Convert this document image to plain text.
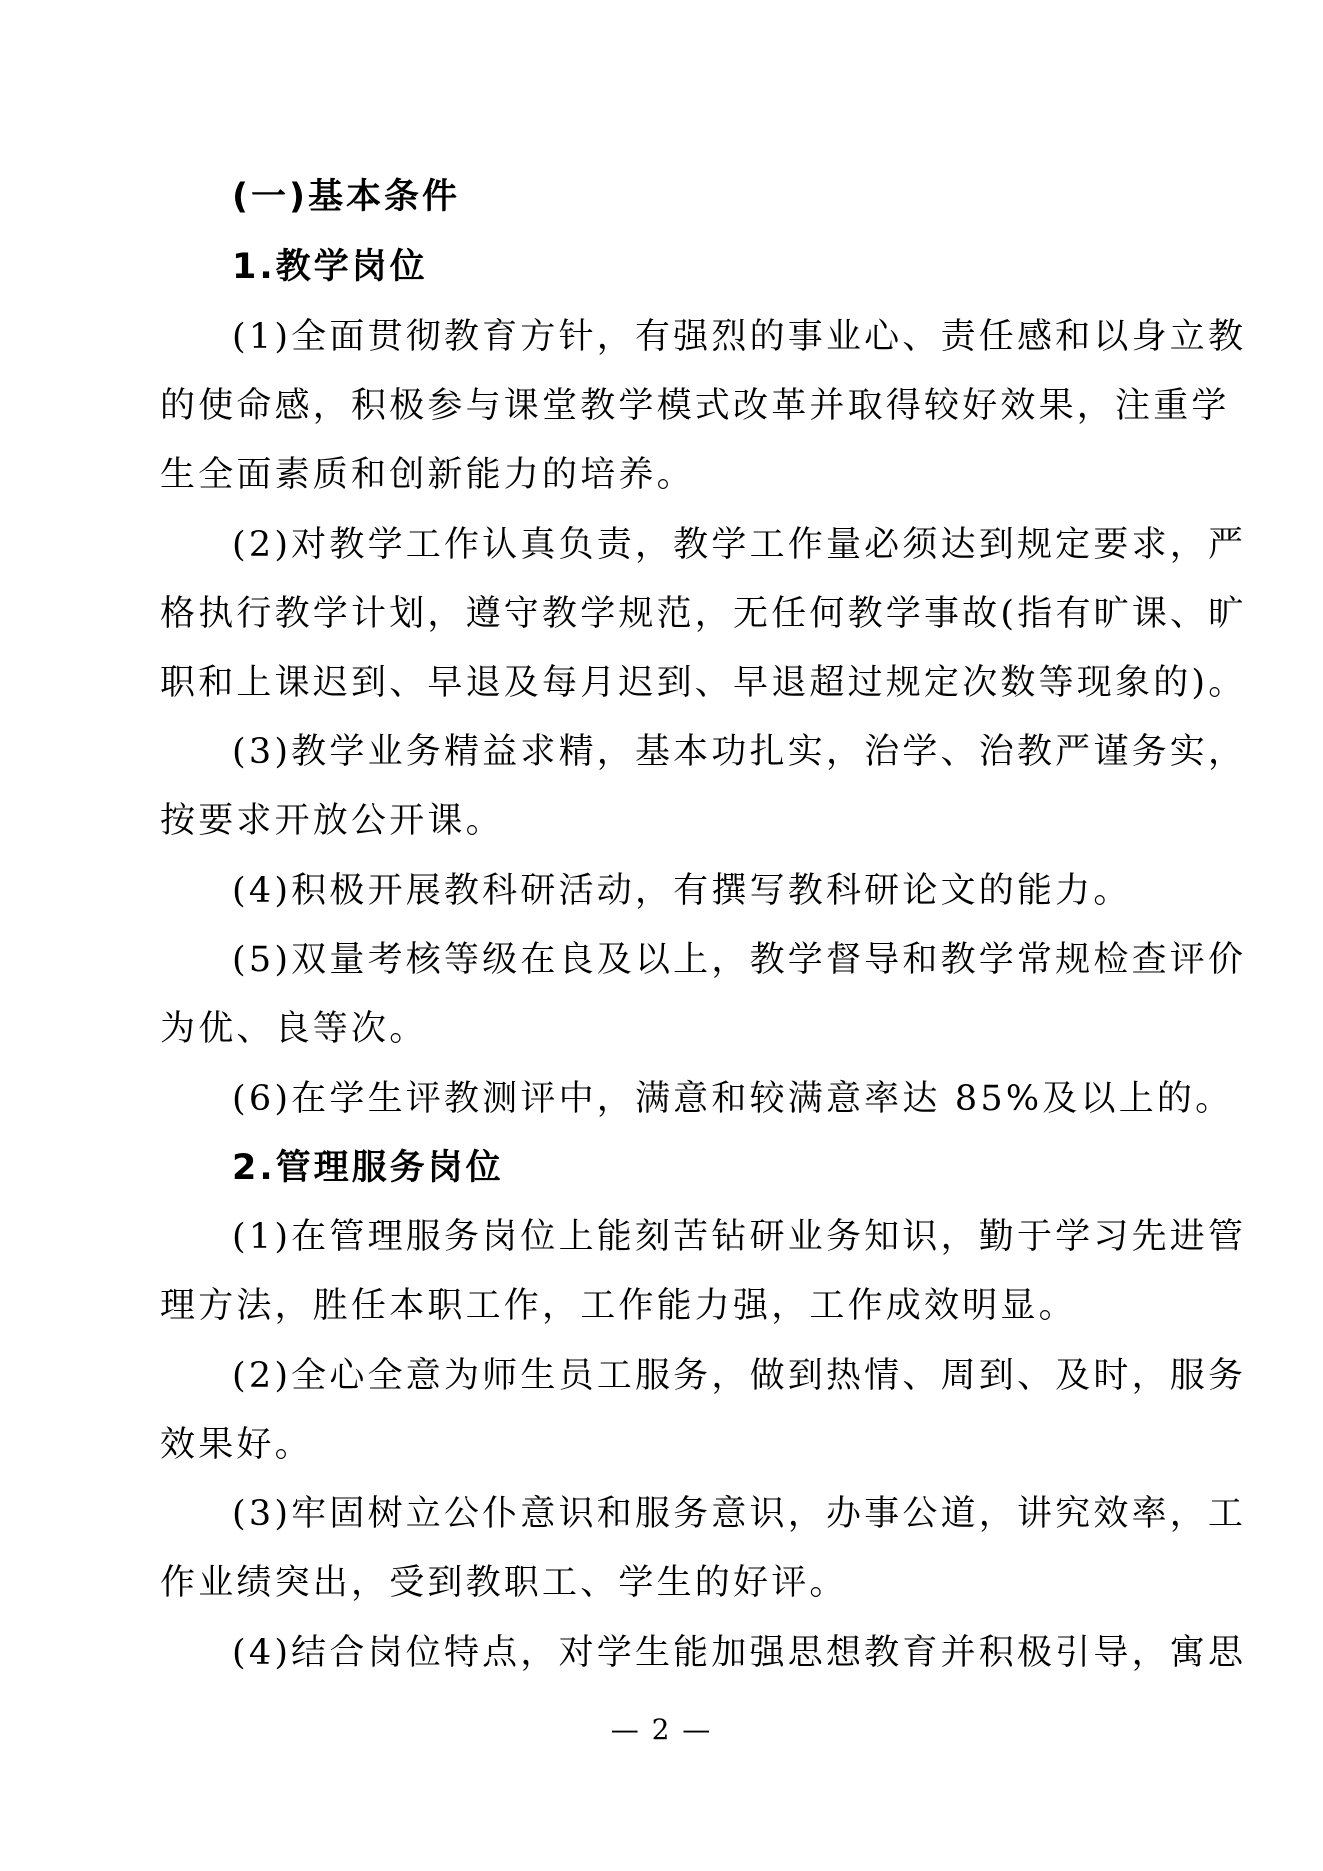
(一)基本条件
1.教学岗位
(1)全面贯彻教育方针，有强烈的事业心、责任感和以身立教
的使命感，积极参与课堂教学模式改革并取得较好效果，注重学
生全面素质和创新能力的培养。
(2)对教学工作认真负责，教学工作量必须达到规定要求，严
格执行教学计划，遵守教学规范，无任何教学事故(指有旷课、旷
职和上课迟到、早退及每月迟到、早退超过规定次数等现象的)。
(3)教学业务精益求精，基本功扎实，治学、治教严谨务实，
按要求开放公开课。
(4)积极开展教科研活动，有撰写教科研论文的能力。
(5)双量考核等级在良及以上，教学督导和教学常规检查评价
为优、良等次。
(6)在学生评教测评中，满意和较满意率达 85%及以上的。
2.管理服务岗位
(1)在管理服务岗位上能刻苦钻研业务知识，勤于学习先进管
理方法，胜任本职工作，工作能力强，工作成效明显。
(2)全心全意为师生员工服务，做到热情、周到、及时，服务
效果好。
(3)牢固树立公仆意识和服务意识，办事公道，讲究效率，工
作业绩突出，受到教职工、学生的好评。
(4)结合岗位特点，对学生能加强思想教育并积极引导，寓思
— 2 —
